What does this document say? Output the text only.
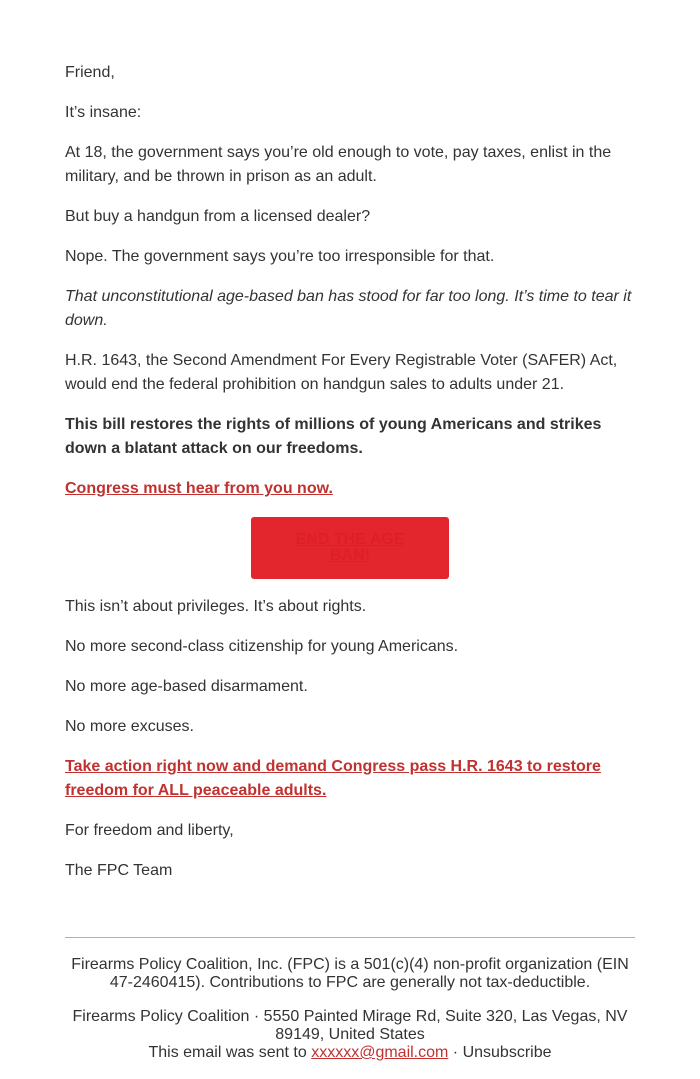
Friend,

It’s insane:

At 18, the government says you’re old enough to vote, pay taxes, enlist in the military, and be thrown in prison as an adult.

But buy a handgun from a licensed dealer?

Nope. The government says you’re too irresponsible for that.

That unconstitutional age-based ban has stood for far too long. It’s time to tear it down.

H.R. 1643, the Second Amendment For Every Registrable Voter (SAFER) Act, would end the federal prohibition on handgun sales to adults under 21.

This bill restores the rights of millions of young Americans and strikes down a blatant attack on our freedoms.

Congress must hear from you now.

END THE AGE BAN!

This isn’t about privileges. It’s about rights.

No more second-class citizenship for young Americans.

No more age-based disarmament.

No more excuses.

Take action right now and demand Congress pass H.R. 1643 to restore freedom for ALL peaceable adults.

For freedom and liberty,

The FPC Team

Firearms Policy Coalition, Inc. (FPC) is a 501(c)(4) non-profit organization (EIN 47-2460415). Contributions to FPC are generally not tax-deductible.

Firearms Policy Coalition · 5550 Painted Mirage Rd, Suite 320, Las Vegas, NV 89149, United States

This email was sent to xxxxxx@gmail.com · Unsubscribe
